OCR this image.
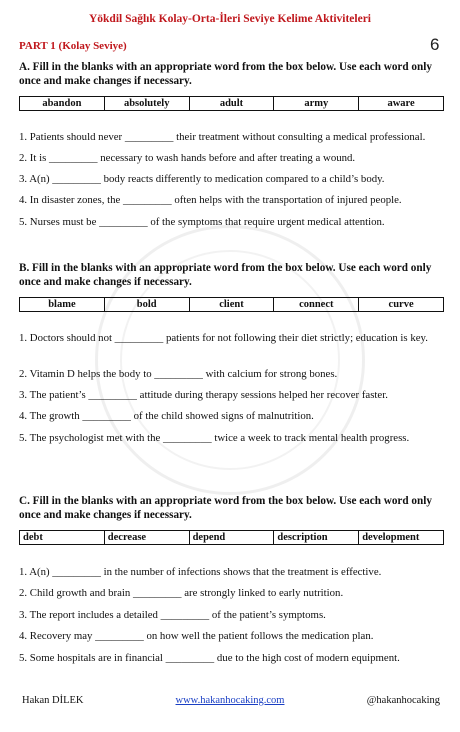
Yökdil Sağlık Kolay-Orta-İleri Seviye Kelime Aktiviteleri
PART 1 (Kolay Seviye)	6

A. Fill in the blanks with an appropriate word from the box below. Use each word only once and make changes if necessary.

abandon	absolutely	adult	army	aware
1. Patients should never _________ their treatment without consulting a medical professional.
2. It is _________ necessary to wash hands before and after treating a wound.
3. A(n) _________ body reacts differently to medication compared to a child’s body.
4. In disaster zones, the _________ often helps with the transportation of injured people.
5. Nurses must be _________ of the symptoms that require urgent medical attention.

B. Fill in the blanks with an appropriate word from the box below. Use each word only once and make changes if necessary.

blame	bold	client	connect	curve
1. Doctors should not _________ patients for not following their diet strictly; education is key.
2. Vitamin D helps the body to _________ with calcium for strong bones.
3. The patient’s _________ attitude during therapy sessions helped her recover faster.
4. The growth _________ of the child showed signs of malnutrition.
5. The psychologist met with the _________ twice a week to track mental health progress.

C. Fill in the blanks with an appropriate word from the box below. Use each word only once and make changes if necessary.

debt	decrease	depend	description	development
1. A(n) _________ in the number of infections shows that the treatment is effective.
2. Child growth and brain _________ are strongly linked to early nutrition.
3. The report includes a detailed _________ of the patient’s symptoms.
4. Recovery may _________ on how well the patient follows the medication plan.
5. Some hospitals are in financial _________ due to the high cost of modern equipment.
Hakan DİLEK	www.hakanhocaking.com	@hakanhocaking
